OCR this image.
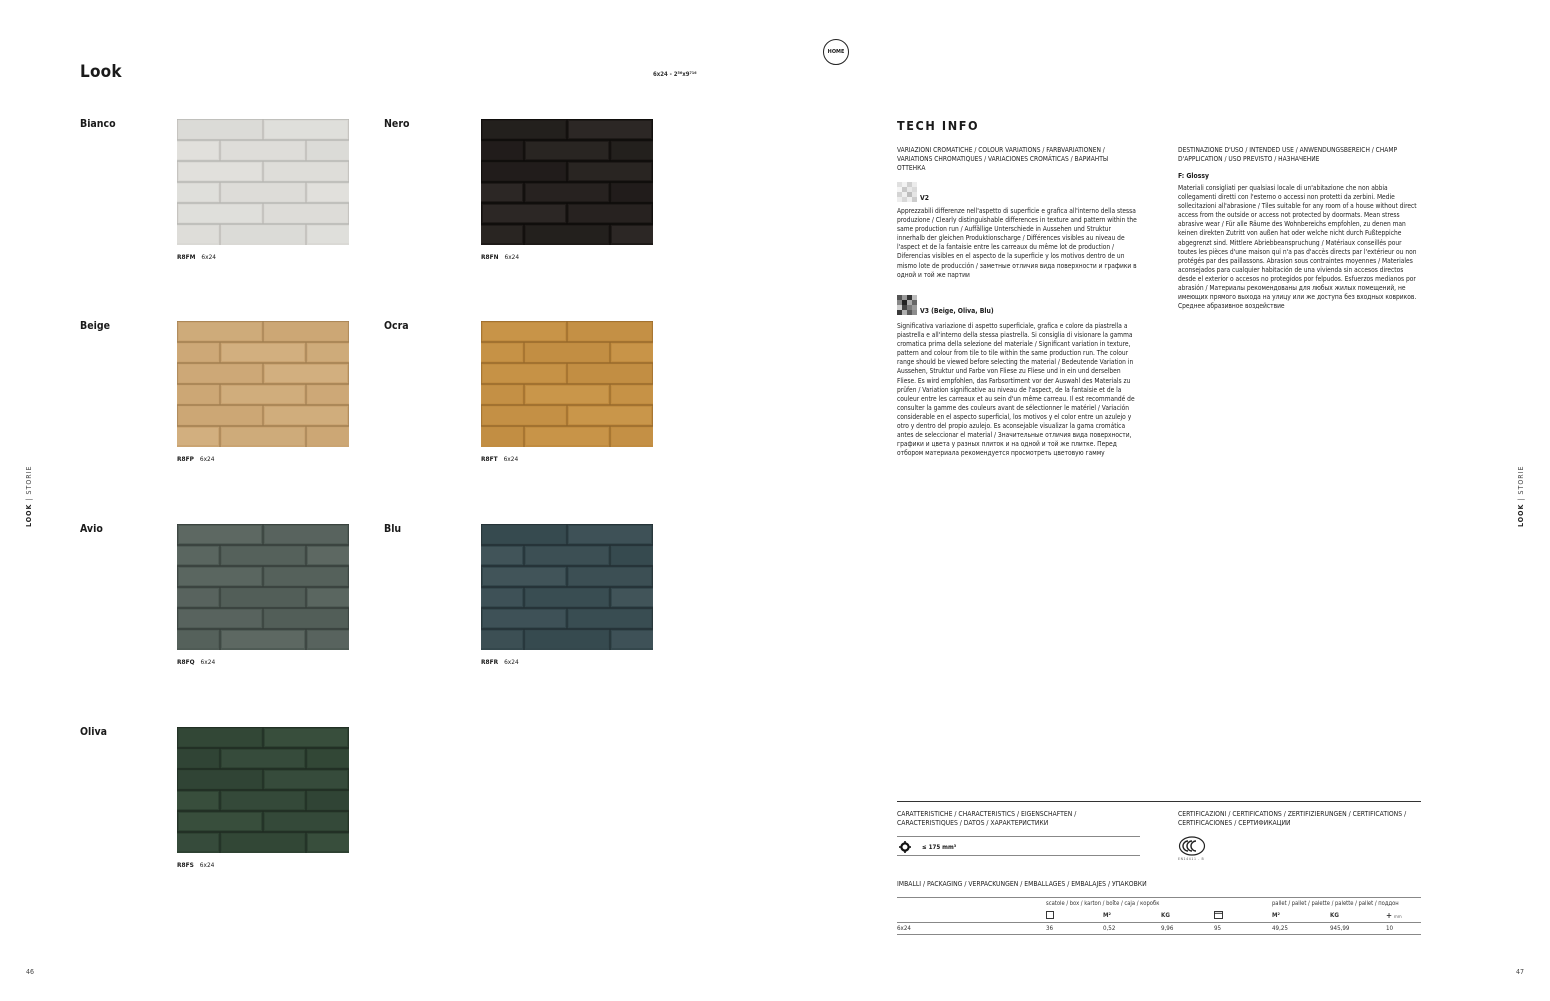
Look	6x24 - 2⁵⁶x9⁷¹⁶
HOME
Bianco
R8FM 6x24
Nero
R8FN 6x24
Beige
R8FP 6x24
Ocra
R8FT 6x24
Avio
R8FQ 6x24
Blu
R8FR 6x24
Oliva
R8FS 6x24
LOOK | STORIE
LOOK | STORIE
46	47
TECH INFO
VARIAZIONI CROMATICHE / COLOUR VARIATIONS / FARBVARIATIONEN / VARIATIONS CHROMATIQUES / VARIACIONES CROMÁTICAS / ВАРИАНТЫ ОТТЕНКА
V2
Apprezzabili differenze nell'aspetto di superficie e grafica all'interno della stessa produzione / Clearly distinguishable differences in texture and pattern within the same production run / Auffällige Unterschiede in Aussehen und Struktur innerhalb der gleichen Produktionscharge / Différences visibles au niveau de l'aspect et de la fantaisie entre les carreaux du même lot de production / Diferencias visibles en el aspecto de la superficie y los motivos dentro de un mismo lote de producción / заметные отличия вида поверхности и графики в одной и той же партии
V3 (Beige, Oliva, Blu)
Significativa variazione di aspetto superficiale, grafica e colore da piastrella a piastrella e all'interno della stessa piastrella. Si consiglia di visionare la gamma cromatica prima della selezione del materiale / Significant variation in texture, pattern and colour from tile to tile within the same production run. The colour range should be viewed before selecting the material / Bedeutende Variation in Aussehen, Struktur und Farbe von Fliese zu Fliese und in ein und derselben Fliese. Es wird empfohlen, das Farbsortiment vor der Auswahl des Materials zu prüfen / Variation significative au niveau de l'aspect, de la fantaisie et de la couleur entre les carreaux et au sein d'un même carreau. Il est recommandé de consulter la gamme des couleurs avant de sélectionner le matériel / Variación considerable en el aspecto superficial, los motivos y el color entre un azulejo y otro y dentro del propio azulejo. Es aconsejable visualizar la gama cromática antes de seleccionar el material / Значительные отличия вида поверхности, графики и цвета у разных плиток и на одной и той же плитке. Перед отбором материала рекомендуется просмотреть цветовую гамму
DESTINAZIONE D'USO / INTENDED USE / ANWENDUNGSBEREICH / CHAMP D'APPLICATION / USO PREVISTO / НАЗНАЧЕНИЕ
F: Glossy
Materiali consigliati per qualsiasi locale di un'abitazione che non abbia collegamenti diretti con l'esterno o accessi non protetti da zerbini. Medie sollecitazioni all'abrasione / Tiles suitable for any room of a house without direct access from the outside or access not protected by doormats. Mean stress abrasive wear / Für alle Räume des Wohnbereichs empfohlen, zu denen man keinen direkten Zutritt von außen hat oder welche nicht durch Fußteppiche abgegrenzt sind. Mittlere Abriebbeanspruchung / Matériaux conseillés pour toutes les pièces d'une maison qui n'a pas d'accès directs par l'extérieur ou non protégés par des paillassons. Abrasion sous contraintes moyennes / Materiales aconsejados para cualquier habitación de una vivienda sin accesos directos desde el exterior o accesos no protegidos por felpudos. Esfuerzos medianos por abrasión / Материалы рекомендованы для любых жилых помещений, не имеющих прямого выхода на улицу или же доступа без входных ковриков. Среднее абразивное воздействие
CARATTERISTICHE / CHARACTERISTICS / EIGENSCHAFTEN / CARACTERISTIQUES / DATOS / ХАРАКТЕРИСТИКИ
≤ 175 mm³
CERTIFICAZIONI / CERTIFICATIONS / ZERTIFIZIERUNGEN / CERTIFICATIONS / CERTIFICACIONES / СЕРТИФИКАЦИИ
EN14411 - B
IMBALLI / PACKAGING / VERPACKUNGEN / EMBALLAGES / EMBALAJES / УПАКОВКИ
	scatole / box / karton / boîte / caja / коробк				pallet / pallet / palette / palette / pallet / поддон		
		M²	KG		M²	KG	+ mm
6x24	36	0,52	9,96	95	49,25	945,99	10
